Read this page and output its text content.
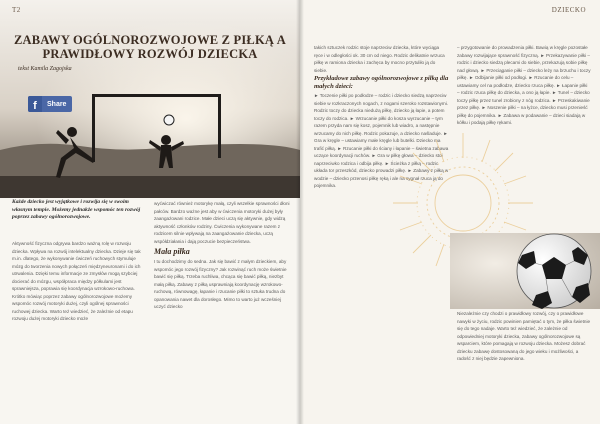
T2
ZABAWY OGÓLNOROZWOJOWE Z PIŁKĄ A PRAWIDŁOWY ROZWÓJ DZIECKA
tekst Kamila Zagojska
f	Share
Każde dziecko jest wyjątkowe i rozwija się w swoim własnym tempie. Możemy jednakże wspomóc ten rozwój poprzez zabawy ogólnorozwojowe.
Aktywność fizyczna odgrywa bardzo ważną rolę w rozwoju dziecka. Wpływa na rozwój intelektualny dziecka. Dzieje się tak m.in. dlatego, że wykonywanie ćwiczeń ruchowych stymuluje mózg do tworzenia nowych połączeń międzyneuronami i do ich utrwalenia. Dzięki temu informacje ze zmysłów mogą szybciej docierać do mózgu, współpraca między półkulami jest sprawniejsza, poprawia się koordynacja wzrokowo-ruchowa. Krótko mówiąc poprzez zabawy ogólnorozwojowe możemy wspomóc rozwój motoryki dużej, czyli ogólnej sprawności ruchowej dziecka. Warto też wiedzieć, że zależnie od etapu rozwoju dużej motoryki dziecko może
wyćwiczać również motorykę małą, czyli wszelkie sprawności dłoni pałców. Bardzo ważne jest aby w ćwiczenia motoryki dużej były zaangażowani rodzice. Małe dzieci uczą się aktywnie, gdy widzą aktywność członków rodziny. Ćwiczenia wykonywane razem z rodzicem silnie wpływają na zaangażowanie dziecka, uczą współdziałania i dają poczucie bezpieczeństwa.
Mała piłka
I tu dochodzimy do sedna. Jak się bawić z małym dzieckiem, aby wspomóc jego rozwój fizyczny? Jak rozwinąć ruch może świetnie bawić się piłką. Trzeba ruchliwa, chcąca się bawić piłką, niezbyt małą piłką. Zabawy z piłką usprawniają koordynację wzrokowo-ruchową, równowagę, łapanie i rzucanie piłki to sztuka trudna do opanowania nawet dla dorosłego. Mimo to warto już wcześniej uczyć dziecko
DZIECKO
takich sztuczek rodzic stoje naprzeciw dziecka, które wyciąga ręce i w odległości ok. 30 cm od niego. Rodzic delikatnie wrzuca piłkę w ramiona dziecka i zachęca by mocno przytuliło ją do siebie.
Przykładowe zabawy ogólnorozwojowe z piłką dla małych dzieci:
► Toczenie piłki po podłodze – rodzic i dziecko siedzą naprzeciw siebie w rozkraczonych nogach, z nogami szeroko rozstawionymi. Rodzic toczy do dziecka niedużą piłkę, dziecko ją łapie, a potem toczy do rodzica. ► Wrzucanie piłki do kosza wyrzucanie – tym razem przyda nam się kosz, pojemnik lub wiadro, a następnie wrzucamy do nich piłkę. Rodzic pokazuje, a dziecko naśladuje. ► Gra w kręgle – ustawiamy małe kręgle lub butelki. Dziecko ma trafić piłką. ► Rzucanie piłki do ściany i łapanie – świetna zabawa uczące koordynacji ruchów. ► Gra w piłkę głowa – dziecko stoi naprzeciwko rodzica i odbija piłkę. ► Ścieżka z piłką – rodzic układa tor przeszkód, dziecko prowadzi piłkę. ► Zabawy z piłką w wodzie – dziecko przenosi piłkę ręką i ale na sygnał rzuca ją do pojemnika.
– przygotowanie do prowadzenia piłki. Bawią w kręgle pozostałe zabawy rozwijające sprawność fizyczną. ► Przekazywanie piłki – rodzic i dziecko siedzą plecami do siebie, przekazują sobie piłkę nad głową. ► Przeciąganie piłki – dziecko leży na brzuchu i toczy piłkę. ► Odbijanie piłki od podłogi. ► Rzucanie do celu – ustawiamy cel na podłodze, dziecko rzuca piłkę. ► Łapanie piłki – rodzic rzuca piłkę do dziecka, a ono ją łapie. ► Tunel – dziecko toczy piłkę przez tunel zrobiony z nóg rodzica. ► Przeskakiwanie przez piłkę. ► Noszenie piłki – na łyżce, dziecko musi przenieść piłkę do pojemnika. ► Zabawa w podawanie – dzieci siadają w kółku i podają piłkę rękami.
Niezależnie czy chodzi o prawidłowy rozwój, czy o prawidłowe nawyki w życiu, rodzic powinien pamiętać o tym, że piłka świetnie się do tego nadaje. Warto też wiedzieć, że zależnie od odpowiedniej motoryki dziecka, zabawy ogólnorozwojowe są wsparciem, które pomagają w rozwoju dziecka. Możesz dobrać dziecku zabawę dostosowaną do jego wieku i możliwości, a radość z niej będzie zapewniona.
